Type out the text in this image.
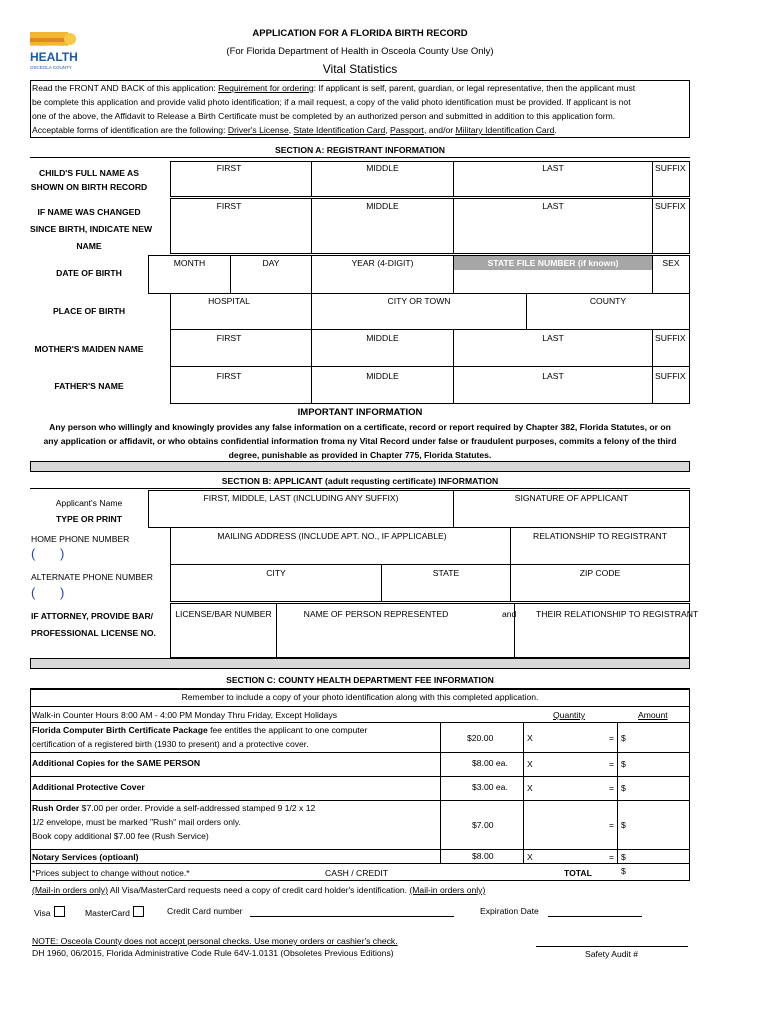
FLORIDA DEPARTMENT OF
HEALTH
OSCEOLA COUNTY
APPLICATION FOR A FLORIDA BIRTH RECORD
(For Florida Department of Health in Osceola County Use Only)
Vital Statistics
Read the FRONT AND BACK of this application: Requirement for ordering: If applicant is self, parent, guardian, or legal representative, then the applicant must
be complete this application and provide valid photo identification; if a mail request, a copy of the valid photo identification must be provided. If applicant is not
one of the above, the Affidavit to Release a Birth Certificate must be completed by an authorized person and submitted in addition to this application form.
Acceptable forms of identification are the following: Driver's License, State Identification Card, Passport, and/or Military Identification Card.
SECTION A: REGISTRANT INFORMATION
CHILD'S FULL NAME AS
SHOWN ON BIRTH RECORD
FIRST	MIDDLE	LAST	SUFFIX
IF NAME WAS CHANGED
SINCE BIRTH, INDICATE NEW
NAME
FIRST	MIDDLE	LAST	SUFFIX
DATE OF BIRTH
MONTH	DAY	YEAR (4-DIGIT)	STATE FILE NUMBER (if known)	SEX
PLACE OF BIRTH
HOSPITAL	CITY OR TOWN	COUNTY
MOTHER'S MAIDEN NAME
FIRST	MIDDLE	LAST	SUFFIX
FATHER'S NAME
FIRST	MIDDLE	LAST	SUFFIX
IMPORTANT INFORMATION
Any person who willingly and knowingly provides any false information on a certificate, record or report required by Chapter 382, Florida Statutes, or on
any application or affidavit, or who obtains confidential information froma ny Vital Record under false or fraudulent purposes, commits a felony of the third
degree, punishable as provided in Chapter 775, Florida Statutes.
SECTION B: APPLICANT (adult requsting certificate) INFORMATION
Applicant's Name
TYPE OR PRINT
FIRST, MIDDLE, LAST (INCLUDING ANY SUFFIX)	SIGNATURE OF APPLICANT
HOME PHONE NUMBER	MAILING ADDRESS (INCLUDE APT. NO., IF APPLICABLE)	RELATIONSHIP TO REGISTRANT
( )
ALTERNATE PHONE NUMBER	CITY	STATE	ZIP CODE
( )
IF ATTORNEY, PROVIDE BAR/
PROFESSIONAL LICENSE NO.
LICENSE/BAR NUMBER	NAME OF PERSON REPRESENTED	and THEIR RELATIONSHIP TO REGISTRANT
SECTION C: COUNTY HEALTH DEPARTMENT FEE INFORMATION
Remember to include a copy of your photo identification along with this completed application.
Walk-in Counter Hours 8:00 AM - 4:00 PM Monday Thru Friday, Except Holidays	Quantity	Amount
Florida Computer Birth Certificate Package fee entitles the applicant to one computer
certification of a registered birth (1930 to present) and a protective cover.
$20.00	X	= $
Additional Copies for the SAME PERSON	$8.00 ea. X	= $
Additional Protective Cover	$3.00 ea. X	= $
Rush Order $7.00 per order. Provide a self-addressed stamped 9 1/2 x 12
1/2 envelope, must be marked "Rush" mail orders only.
Book copy additional $7.00 fee (Rush Service)
$7.00	= $
Notary Services (optioanl)	$8.00	X	= $
*Prices subject to change without notice.*	CASH / CREDIT	TOTAL	$
(Mail-in orders only) All Visa/MasterCard requests need a copy of credit card holder's identification. (Mail-in orders only)
Visa	MasterCard	Credit Card number	Expiration Date
NOTE: Osceola County does not accept personal checks. Use money orders or cashier's check.
DH 1960, 06/2015, Florida Administrative Code Rule 64V-1.0131 (Obsoletes Previous Editions)	Safety Audit #
